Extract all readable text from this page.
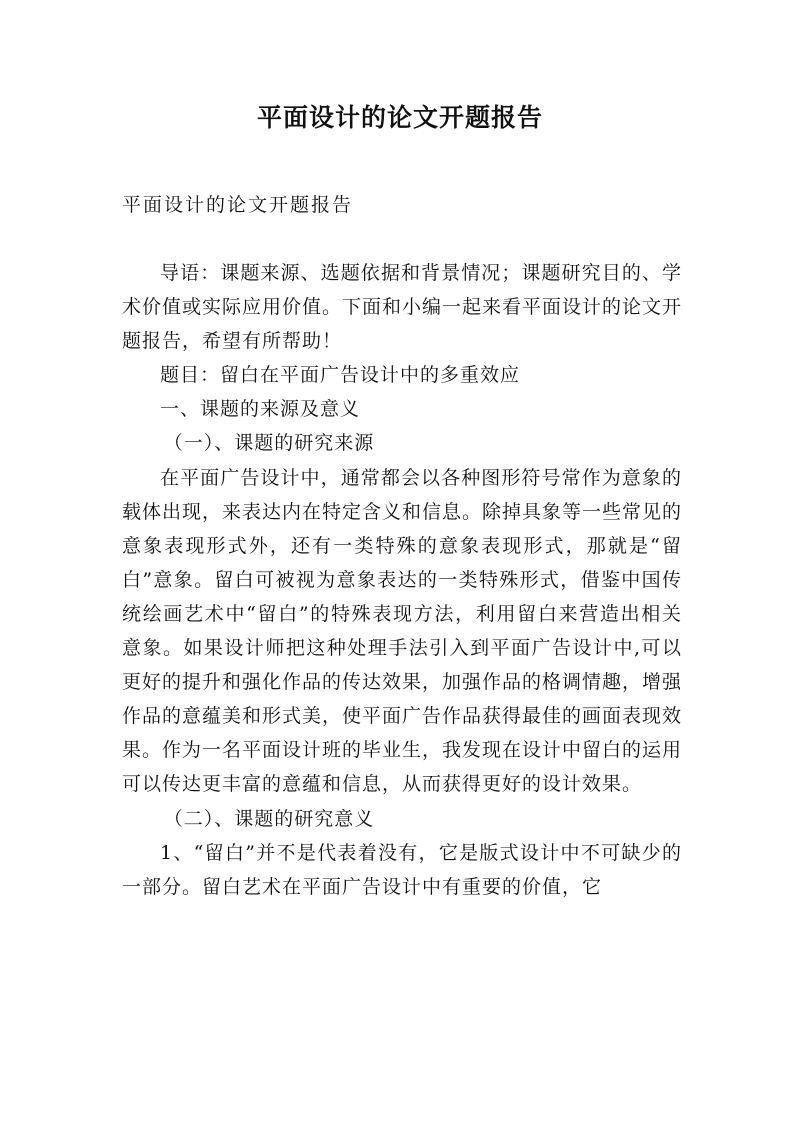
平面设计的论文开题报告
平面设计的论文开题报告

导语：课题来源、选题依据和背景情况；课题研究目的、学术价值或实际应用价值。下面和小编一起来看平面设计的论文开题报告，希望有所帮助！

题目：留白在平面广告设计中的多重效应

一、课题的来源及意义

（一）、课题的研究来源

在平面广告设计中，通常都会以各种图形符号常作为意象的载体出现，来表达内在特定含义和信息。除掉具象等一些常见的意象表现形式外，还有一类特殊的意象表现形式，那就是“留白”意象。留白可被视为意象表达的一类特殊形式，借鉴中国传统绘画艺术中“留白”的特殊表现方法，利用留白来营造出相关意象。如果设计师把这种处理手法引入到平面广告设计中,可以更好的提升和强化作品的传达效果，加强作品的格调情趣，增强作品的意蕴美和形式美，使平面广告作品获得最佳的画面表现效果。作为一名平面设计班的毕业生，我发现在设计中留白的运用可以传达更丰富的意蕴和信息，从而获得更好的设计效果。

（二）、课题的研究意义

1、“留白”并不是代表着没有，它是版式设计中不可缺少的一部分。留白艺术在平面广告设计中有重要的价值，它
